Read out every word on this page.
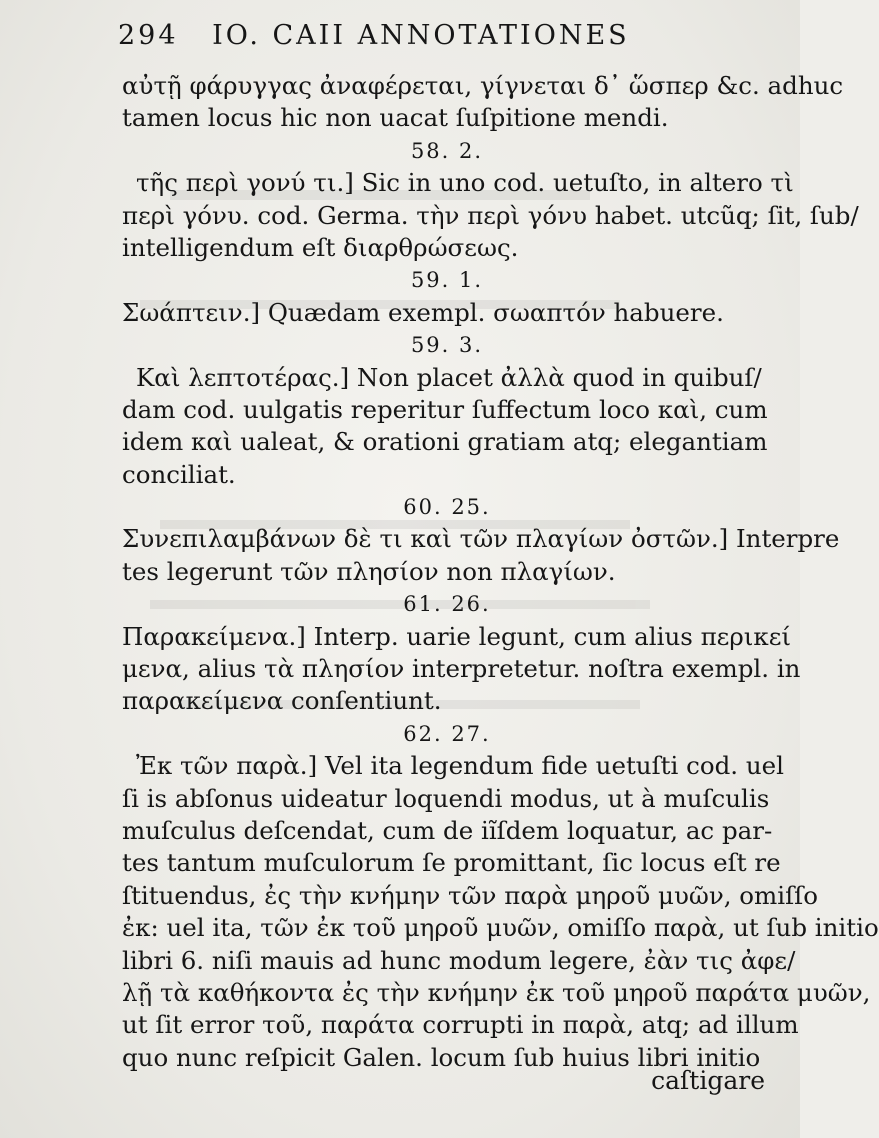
294 IO. CAII ANNOTATIONES
αὐτῇ φάρυγγας ἀναφέρεται, γίγνεται δ᾽ ὥσπερ &c. adhuc
tamen locus hic non uacat ſuſpitione mendi.
58. 2.
τῆς περὶ γονύ τι.] Sic in uno cod. uetuſto, in altero τὶ
περὶ γόνυ. cod. Germa. τὴν περὶ γόνυ habet. utcũq; ſit, ſub/
intelligendum eſt διαρθρώσεως.
59. 1.
Σωάπτειν.] Quædam exempl. σωαπτόν habuere.
59. 3.
Καὶ λεπτοτέρας.] Non placet ἀλλὰ quod in quibuſ/
dam cod. uulgatis reperitur ſuffectum loco καὶ, cum
idem καὶ ualeat, & orationi gratiam atq; elegantiam
conciliat.
60. 25.
Συνεπιλαμβάνων δὲ τι καὶ τῶν πλαγίων ὀστῶν.] Interpre
tes legerunt τῶν πλησίον non πλαγίων.
61. 26.
Παρακείμενα.] Interp. uarie legunt, cum alius περικεί
μενα, alius τὰ πλησίον interpretetur. noſtra exempl. in
παρακείμενα conſentiunt.
62. 27.
Ἐκ τῶν παρὰ.] Vel ita legendum fide uetuſti cod. uel
ſi is abſonus uideatur loquendi modus, ut à muſculis
muſculus deſcendat, cum de iĩſdem loquatur, ac par-
tes tantum muſculorum ſe promittant, ſic locus eſt re
ſtituendus, ἐς τὴν κνήμην τῶν παρὰ μηροῦ μυῶν, omiſſo
ἐκ: uel ita, τῶν ἐκ τοῦ μηροῦ μυῶν, omiſſo παρὰ, ut ſub initio
libri 6. niſi mauis ad hunc modum legere, ἐὰν τις ἀφε/
λῇ τὰ καθήκοντα ἐς τὴν κνήμην ἐκ τοῦ μηροῦ παράτα μυῶν,
ut ſit error τοῦ, παράτα corrupti in παρὰ, atq; ad illum
quo nunc reſpicit Galen. locum ſub huius libri initio
caſtigare
